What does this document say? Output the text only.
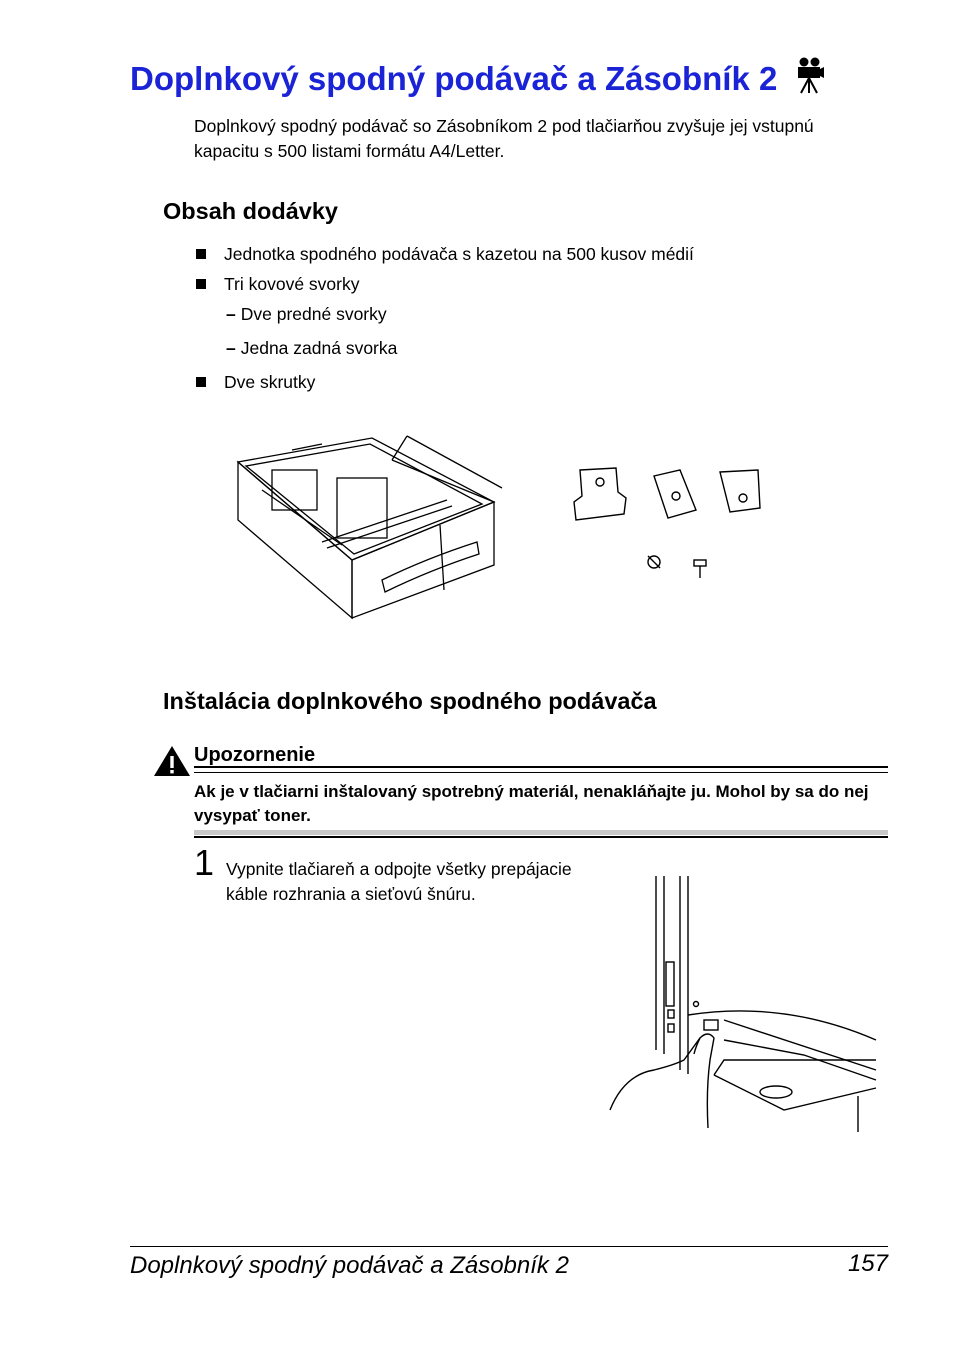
Doplnkový spodný podávač a Zásobník 2
Doplnkový spodný podávač so Zásobníkom 2 pod tlačiarňou zvyšuje jej vstupnú kapacitu s 500 listami formátu A4/Letter.
Obsah dodávky
Jednotka spodného podávača s kazetou na 500 kusov médií
Tri kovové svorky
– Dve predné svorky
– Jedna zadná svorka
Dve skrutky
Inštalácia doplnkového spodného podávača
Upozornenie
Ak je v tlačiarni inštalovaný spotrebný materiál, nenakláňajte ju. Mohol by sa do nej vysypať toner.
1 Vypnite tlačiareň a odpojte všetky prepájacie káble rozhrania a sieťovú šnúru.
Doplnkový spodný podávač a Zásobník 2	157
